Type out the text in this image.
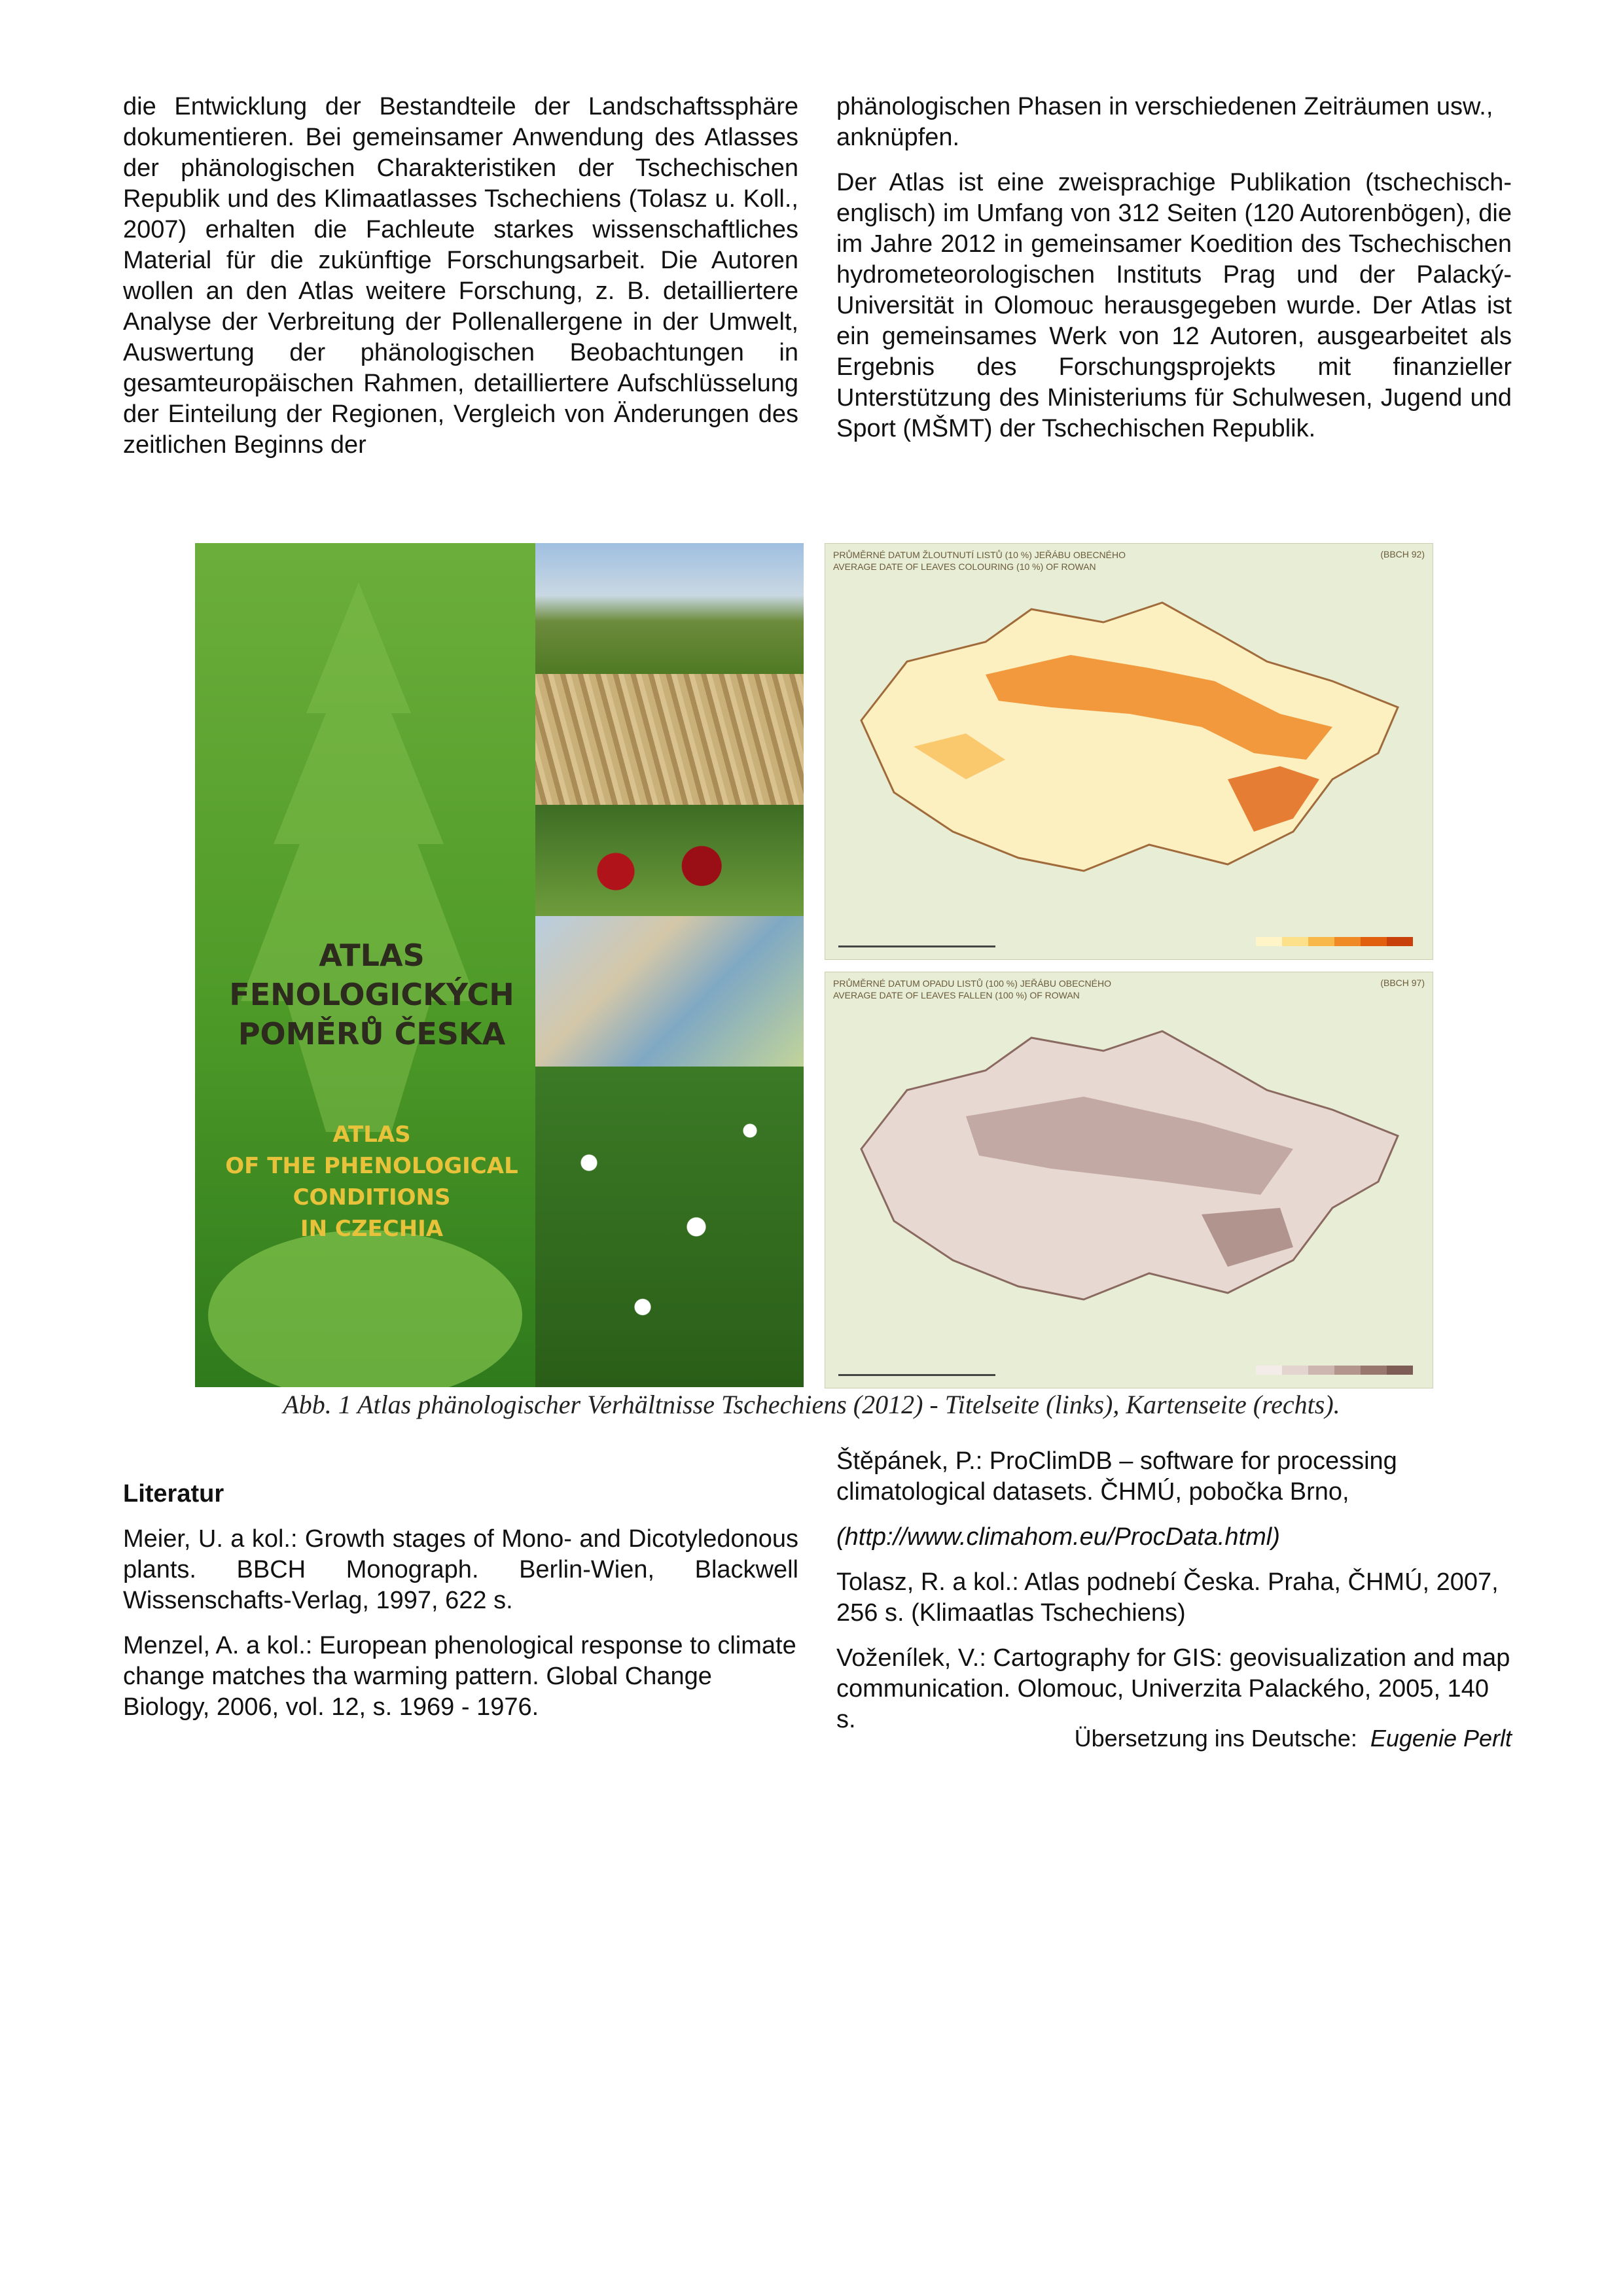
die Entwicklung der Bestandteile der Landschaftssphäre dokumentieren. Bei gemeinsamer Anwendung des Atlasses der phänologischen Charakteristiken der Tschechischen Republik und des Klimaatlasses Tschechiens (Tolasz u. Koll., 2007) erhalten die Fachleute starkes wissenschaftliches Material für die zukünftige Forschungsarbeit. Die Autoren wollen an den Atlas weitere Forschung, z. B. detailliertere Analyse der Verbreitung der Pollenallergene in der Umwelt, Auswertung der phänologischen Beobachtungen in gesamteuropäischen Rahmen, detailliertere Aufschlüsselung der Einteilung der Regionen, Vergleich von Änderungen des zeitlichen Beginns der

phänologischen Phasen in verschiedenen Zeiträumen usw., anknüpfen.

Der Atlas ist eine zweisprachige Publikation (tschechisch-englisch) im Umfang von 312 Seiten (120 Autorenbögen), die im Jahre 2012 in gemeinsamer Koedition des Tschechischen hydrometeorologischen Instituts Prag und der Palacký-Universität in Olomouc herausgegeben wurde. Der Atlas ist ein gemeinsames Werk von 12 Autoren, ausgearbeitet als Ergebnis des Forschungsprojekts mit finanzieller Unterstützung des Ministeriums für Schulwesen, Jugend und Sport (MŠMT) der Tschechischen Republik.

ATLAS
FENOLOGICKÝCH
POMĚRŮ ČESKA
ATLAS
OF THE PHENOLOGICAL
CONDITIONS
IN CZECHIA
PRŮMĚRNÉ DATUM ŽLOUTNUTÍ LISTŮ (10 %) JEŘÁBU OBECNÉHO
AVERAGE DATE OF LEAVES COLOURING (10 %) OF ROWAN
(BBCH 92)
PRŮMĚRNÉ DATUM OPADU LISTŮ (100 %) JEŘÁBU OBECNÉHO
AVERAGE DATE OF LEAVES FALLEN (100 %) OF ROWAN
(BBCH 97)
Abb. 1 Atlas phänologischer Verhältnisse Tschechiens (2012) - Titelseite (links), Kartenseite (rechts).

Literatur

Meier, U. a kol.: Growth stages of Mono- and Dicotyledonous plants. BBCH Monograph. Berlin-Wien, Blackwell Wissenschafts-Verlag, 1997, 622 s.

Menzel, A. a kol.: European phenological response to climate change matches tha warming pattern. Global Change Biology, 2006, vol. 12, s. 1969 - 1976.

Štěpánek, P.: ProClimDB – software for processing climatological datasets. ČHMÚ, pobočka Brno,

(http://www.climahom.eu/ProcData.html)

Tolasz, R. a kol.: Atlas podnebí Česka. Praha, ČHMÚ, 2007, 256 s. (Klimaatlas Tschechiens)

Voženílek, V.: Cartography for GIS: geovisualization and map communication. Olomouc, Univerzita Palackého, 2005, 140 s.

Übersetzung ins Deutsche: Eugenie Perlt
